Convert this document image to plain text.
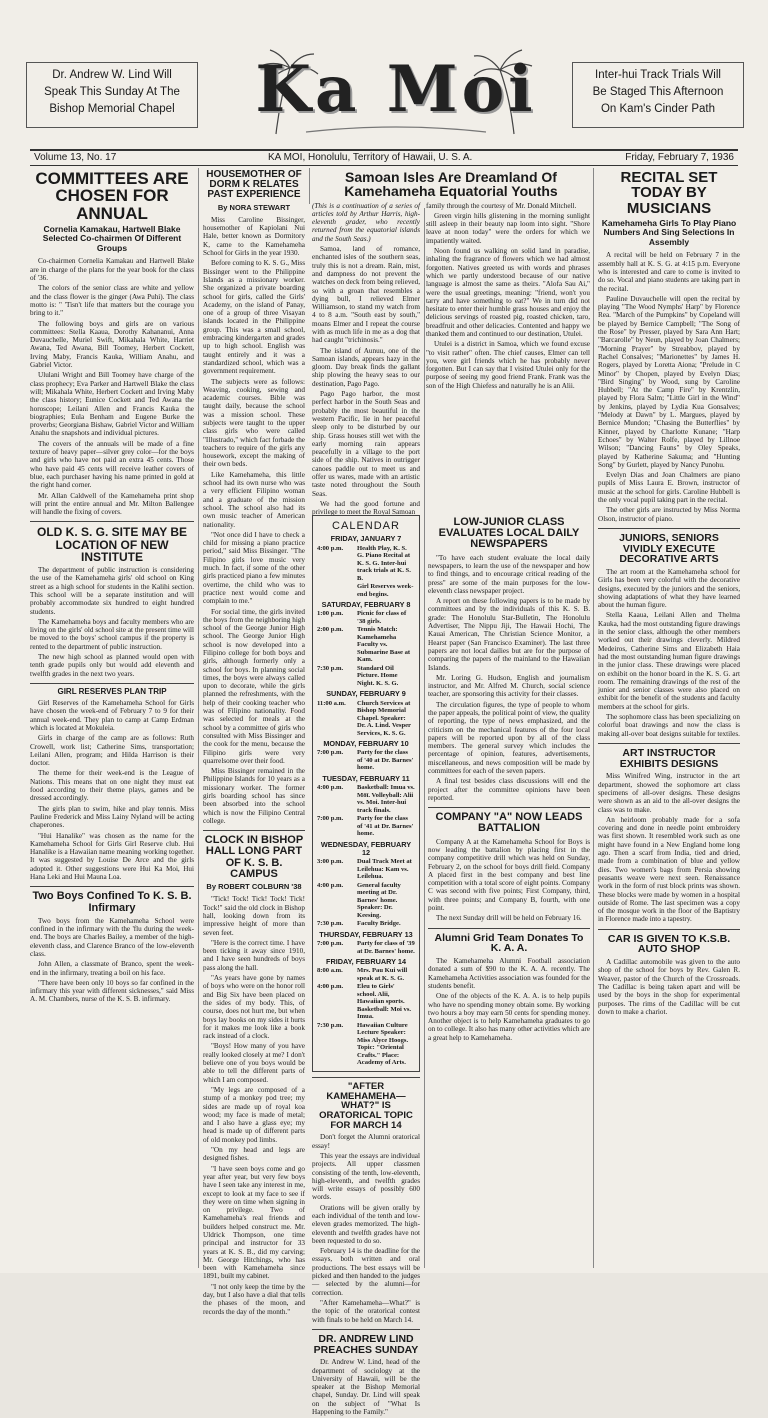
Dr. Andrew W. Lind Will
Speak This Sunday At The
Bishop Memorial Chapel	Ka Moi	Inter-hui Track Trials Will
Be Staged This Afternoon
On Kam's Cinder Path
Volume 13, No. 17	KA MOI, Honolulu, Territory of Hawaii, U. S. A.	Friday, February 7, 1936
COMMITTEES ARE CHOSEN FOR ANNUAL
Cornelia Kamakau, Hartwell Blake Selected Co-chairmen Of Different Groups

Co-chairmen Cornelia Kamakau and Hartwell Blake are in charge of the plans for the year book for the class of '36.

The colors of the senior class are white and yellow and the class flower is the ginger (Awa Puhi). The class motto is: " 'Tisn't life that matters but the courage you bring to it."

The following boys and girls are on various committees: Stella Kaaua, Dorothy Kahananui, Anna Duvauchelle, Muriel Swift, Mikahala White, Harriet Awana, Ted Awana, Bill Toomey, Herbert Cockett, Irving Maby, Francis Kauka, William Anahu, and Gabriel Victor.

Ululani Wright and Bill Toomey have charge of the class prophecy; Eva Parker and Hartwell Blake the class will; Mikahala White, Herbert Cockett and Irving Maby the class history; Eunice Cockett and Ted Awana the horoscope; Leilani Allen and Francis Kauka the biographies; Eula Benham and Eugene Burke the proverbs; Georgiana Bishaw, Gabriel Victor and William Anahu the snapshots and individual pictures.

The covers of the annuals will be made of a fine texture of heavy paper—silver grey color—for the boys and girls who have not paid an extra 45 cents. Those who have paid 45 cents will receive leather covers of blue, each purchaser having his name printed in gold at the right hand corner.

Mr. Allan Caldwell of the Kamehameha print shop will print the entire annual and Mr. Milton Ballengee will handle the fixing of covers.

OLD K. S. G. SITE MAY BE LOCATION OF NEW INSTITUTE

The department of public instruction is considering the use of the Kamehameha girls' old school on King street as a high school for students in the Kalihi section. This school will be a separate institution and will probably accommodate six hundred to eight hundred students.

The Kamehameha boys and faculty members who are living on the girls' old school site at the present time will be moved to the boys' school campus if the property is rented to the department of public instruction.

The new high school as planned would open with tenth grade pupils only but would add eleventh and twelfth grades in the next two years.

GIRL RESERVES PLAN TRIP

Girl Reserves of the Kamehameha School for Girls have chosen the week-end of February 7 to 9 for their annual week-end. They plan to camp at Camp Erdman which is located at Mokuleia.

Girls in charge of the camp are as follows: Ruth Crowell, work list; Catherine Sims, transportation; Leilani Allen, program; and Hilda Harrison is their doctor.

The theme for their week-end is the League of Nations. This means that on one night they must eat food according to their theme plays, games and be dressed accordingly.

The girls plan to swim, hike and play tennis. Miss Pauline Frederick and Miss Lainy Nyland will be acting chaperones.

"Hui Hanalike" was chosen as the name for the Kamehameha School for Girls Girl Reserve club. Hui Hanalike is a Hawaiian name meaning working together. It was suggested by Louise De Arce and the girls adopted it. Other suggestions were Hui Ka Moi, Hui Hana Leki and Hui Mauna Loa.

Two Boys Confined To K. S. B. Infirmary

Two boys from the Kamehameha School were confined in the infirmary with the 'flu during the week-end. The boys are Charles Bailey, a member of the high-eleventh class, and Clarence Branco of the low-eleventh class.

John Allen, a classmate of Branco, spent the week-end in the infirmary, treating a boil on his face.

"There have been only 10 boys so far confined in the infirmary this year with different sicknesses," said Miss A. M. Chambers, nurse of the K. S. B. infirmary.

HOUSEMOTHER OF DORM K RELATES PAST EXPERIENCE
By NORA STEWART

Miss Caroline Bissinger, housemother of Kapiolani Nui Hale, better known as Dormitory K, came to the Kamehameha School for Girls in the year 1930.

Before coming to K. S. G., Miss Bissinger went to the Philippine Islands as a missionary worker. She organized a private boarding school for girls, called the Girls' Academy, on the island of Panay, one of a group of three Visayan islands located in the Philippine group. This was a small school, embracing kindergarten and grades up to high school. English was taught entirely and it was a standardized school, which was a government requirement.

The subjects were as follows: Weaving, cooking, sewing and academic courses. Bible was taught daily, because the school was a mission school. These subjects were taught to the upper class girls who were called "Illustrado," which fact forbade the teachers to require of the girls any housework, except the making of their own beds.

Like Kamehameha, this little school had its own nurse who was a very efficient Filipino woman and a graduate of the mission school. The school also had its own music teacher of American nationality.

"Not once did I have to check a child for missing a piano practice period," said Miss Bissinger. "The Filipino girls love music very much. In fact, if some of the other girls practiced piano a few minutes overtime, the child who was to practice next would come and complain to me."

For social time, the girls invited the boys from the neighboring high school of the George Junior High school. The George Junior High school is now developed into a Filipino college for both boys and girls, although formerly only a school for boys. In planning social times, the boys were always called upon to decorate, while the girls planned the refreshments, with the help of their cooking teacher who was of Filipino nationality. Food was selected for meals at the school by a committee of girls who consulted with Miss Bissinger and the cook for the menu, because the Filipino girls were very quarrelsome over their food.

Miss Bissinger remained in the Philippine Islands for 10 years as a missionary worker. The former girls boarding school has since been absorbed into the school which is now the Filipino Central college.

CLOCK IN BISHOP HALL LONG PART OF K. S. B. CAMPUS
By ROBERT COLBURN '38

"Tick! Tock! Tick! Tock! Tick! Tock!" said the old clock in Bishop hall, looking down from its impressive height of more than seven feet.

"Here is the correct time. I have been ticking it away since 1910, and I have seen hundreds of boys pass along the hall.

"As years have gone by names of boys who were on the honor roll and Big Six have been placed on the sides of my body. This, of course, does not hurt me, but when boys lay books on my sides it hurts for it makes me look like a book rack instead of a clock.

"Boys! How many of you have really looked closely at me? I don't believe one of you boys would be able to tell the different parts of which I am composed.

"My legs are composed of a stump of a monkey pod tree; my sides are made up of royal koa wood; my face is made of metal; and I also have a glass eye; my head is made up of different parts of old monkey pod limbs.

"On my head and legs are designed fishes.

"I have seen boys come and go year after year, but very few boys have I seen take any interest in me, except to look at my face to see if they were on time when signing in on privilege. Two of Kamehameha's real friends and builders helped construct me. Mr. Uldrick Thompson, one time principal and instructor for 33 years at K. S. B., did my carving; Mr. George Hitchings, who has been with Kamehameha since 1891, built my cabinet.

"I not only keep the time by the day, but I also have a dial that tells the phases of the moon, and records the day of the month."

Samoan Isles Are Dreamland Of Kamehameha Equatorial Youths

(This is a continuation of a series of articles told by Arthur Harris, high-eleventh grader, who recently returned from the equatorial islands and the South Seas.)

Samoa, land of romance, enchanted isles of the southern seas, truly this is not a dream. Rain, mist, and dampness do not prevent the watches on deck from being relieved, so with a groan that resembles a dying bull, I relieved Elmer Williamson, to stand my watch from 4 to 8 a.m. "South east by south," moans Elmer and I repeat the course with as much life in me as a dog that had caught "trichinosis."

The island of Aunuu, one of the Samoan islands, appears hazy in the gloom. Day break finds the gallant ship plowing the heavy seas to our destination, Pago Pago.

Pago Pago harbor, the most perfect harbor in the South Seas and probably the most beautiful in the western Pacific, lie in her peaceful sleep only to be disturbed by our ship. Grass houses still wet with the early morning rain appears peacefully in a village to the port side of the ship. Natives in outrigger canoes paddle out to meet us and offer us wares, made with an artistic taste noted throughout the South Seas.

We had the good fortune and privilege to meet the Royal Samoan

family through the courtesy of Mr. Donald Mitchell.

Green virgin hills glistening in the morning sunlight still asleep in their beauty nap loom into sight. "Shore leave at noon today" were the orders for which we impatiently waited.

Noon found us walking on solid land in paradise, inhaling the fragrance of flowers which we had almost forgotten. Natives greeted us with words and phrases which we partly understood because of our native language is almost the same as theirs. "Alofa Sau Ai," were the usual greetings, meaning: "friend, won't you tarry and have something to eat?" We in turn did not hesitate to enter their humble grass houses and enjoy the delicious servings of roasted pig, roasted chicken, taro, breadfruit and other delicacies. Contented and happy we thanked them and continued to our destination, Utulei.

Utulei is a district in Samoa, which we found excuse "to visit rather" often. The chief causes, Elmer can tell you, were girl friends which he has probably never forgotten. But I can say that I visited Utulei only for the purpose of seeing my good friend Frank. Frank was the son of the High Chiefess and naturally he is an Alii.

CALENDAR
FRIDAY, JANUARY 7
4:00 p.m.	Health Play, K. S. G. Piano Recital at K. S. G. Inter-hui track trials at K. S. B.
Girl Reserves week-end begins.
SATURDAY, FEBRUARY 8
1:00 p.m.	Picnic for class of '38 girls.
2:00 p.m.	Tennis Match: Kamehameha Faculty vs. Submarine Base at Kam.
7:30 p.m.	Standard Oil Picture. Home Night. K. S. G.
SUNDAY, FEBRUARY 9
11:00 a.m.	Church Services at Bishop Memorial Chapel. Speaker: Dr. A. Lind. Vesper Services, K. S. G.
MONDAY, FEBRUARY 10
7:00 p.m.	Party for the class of '40 at Dr. Barnes' home.
TUESDAY, FEBRUARY 11
4:00 p.m.	Basketball: Imua vs. Mōī. Volleyball: Alii vs. Moi. Inter-hui track finals.
7:00 p.m.	Party for the class of '41 at Dr. Barnes' home.
WEDNESDAY, FEBRUARY 12
3:00 p.m.	Dual Track Meet at Leilehua: Kam vs. Leilehua.
4:00 p.m.	General faculty meeting at Dr. Barnes' home. Speaker: Dr. Keesing.
7:30 p.m.	Faculty Bridge.
THURSDAY, FEBRUARY 13
7:00 p.m.	Party for class of '39 at Dr. Barnes' home.
FRIDAY, FEBRUARY 14
8:00 a.m.	Mrs. Pau Kui will speak at K. S. G.
4:00 p.m.	Eleu to Girls' school. Alii, Hawaiian sports. Basketball: Moi vs. Imua.
7:30 p.m.	Hawaiian Culture Lecture Speaker: Miss Alyce Hoogs. Topic: "Oriental Crafts." Place: Academy of Arts.
"AFTER KAMEHAMEHA—WHAT?" IS ORATORICAL TOPIC FOR MARCH 14

Don't forget the Alumni oratorical essay!

This year the essays are individual projects. All upper classmen consisting of the tenth, low-eleventh, high-eleventh, and twelfth grades will write essays of possibly 600 words.

Orations will be given orally by each individual of the tenth and low-eleven grades memorized. The high-eleventh and twelfth grades have not been requested to do so.

February 14 is the deadline for the essays, both written and oral productions. The best essays will be picked and then handed to the judges — selected by the alumni—for correction.

"After Kamehameha—What?" is the topic of the oratorical contest with finals to be held on March 14.

DR. ANDREW LIND PREACHES SUNDAY

Dr. Andrew W. Lind, head of the department of sociology at the University of Hawaii, will be the speaker at the Bishop Memorial chapel, Sunday. Dr. Lind will speak on the subject of "What Is Happening to the Family."

LOW-JUNIOR CLASS EVALUATES LOCAL DAILY NEWSPAPERS

"To have each student evaluate the local daily newspapers, to learn the use of the newspaper and how to find things, and to encourage critical reading of the press" are some of the main purposes for the low-eleventh class newspaper project.

A report on these following papers is to be made by committees and by the individuals of this K. S. B. grade: The Honolulu Star-Bulletin, The Honolulu Advertiser, The Nippu Jiji, The Hawaii Hochi, The Kauai American, The Christian Science Monitor, a Hearst paper (San Francisco Examiner). The last three papers are not local dailies but are for the purpose of comparing the papers of the mainland to the Hawaiian Islands.

Mr. Loring G. Hudson, English and journalism instructor, and Mr. Alfred M. Church, social science teacher, are sponsoring this activity for their classes.

The circulation figures, the type of people to whom the paper appeals, the political point of view, the quality of reporting, the type of news emphasized, and the criticism on the mechanical features of the four local papers will be reported upon by all of the class members. The general survey which includes the percentage of opinion, features, advertisements, miscellaneous, and news composition will be made by committees for each of the seven papers.

A final test besides class discussions will end the project after the committee opinions have been reported.

COMPANY "A" NOW LEADS BATTALION

Company A at the Kamehameha School for Boys is now leading the battalion by placing first in the company competitive drill which was held on Sunday, February 2, on the school for boys drill field. Company A placed first in the best company and best line competition with a total score of eight points. Company C was second with five points; First Company, third, with three points; and Company B, fourth, with one point.

The next Sunday drill will be held on February 16.

Alumni Grid Team Donates To K. A. A.

The Kamehameha Alumni Football association donated a sum of $90 to the K. A. A. recently. The Kamehameha Activities association was founded for the students benefit.

One of the objects of the K. A. A. is to help pupils who have no spending money obtain some. By working two hours a boy may earn 50 cents for spending money. Another object is to help Kamehameha graduates to go on to college. It also has many other activities which are a great help to Kamehameha.

RECITAL SET TODAY BY MUSICIANS
Kamehameha Girls To Play Piano Numbers And Sing Selections In Assembly

A recital will be held on February 7 in the assembly hall at K. S. G. at 4:15 p.m. Everyone who is interested and care to come is invited to do so. Vocal and piano students are taking part in the recital.

Pauline Duvauchelle will open the recital by playing "The Wood Nymphs' Harp" by Florence Rea. "March of the Pumpkins" by Copeland will be played by Bernice Campbell; "The Song of the Rose" by Presser, played by Sara Ann Hart; "Barcarolle" by Neun, played by Joan Chalmers; "Morning Prayer" by Streabbov, played by Rachel Consalves; "Marionettes" by James H. Rogers, played by Loretta Aiona; "Prelude in C Minor" by Chopen, played by Evelyn Dias; "Bird Singing" by Wood, sung by Caroline Hubbell; "At the Camp Fire" by Krentzlin, played by Flora Salm; "Little Girl in the Wind" by Jenkins, played by Lydia Kua Gonsalves; "Melody at Dawn" by L. Margues, played by Bernice Mundon; "Chasing the Butterflies" by Kinner, played by Charlotte Kunane; "Harp Echoes" by Walter Rolfe, played by Lillnoe Wilson; "Dancing Fauns" by Oley Speaks, played by Katherine Sakuma; and "Hunting Song" by Gurlett, played by Nancy Punohu.

Evelyn Dias and Joan Chalmers are piano pupils of Miss Laura E. Brown, instructor of music at the school for girls. Caroline Hubbell is the only vocal pupil taking part in the recital.

The other girls are instructed by Miss Norma Olson, instructor of piano.

JUNIORS, SENIORS VIVIDLY EXECUTE DECORATIVE ARTS

The art room at the Kamehameha school for Girls has been very colorful with the decorative designs, executed by the juniors and the seniors, showing adaptations of what they have learned about the human figure.

Stella Kaaua, Leilani Allen and Thelma Kauka, had the most outstanding figure drawings in the senior class, although the other members worked out their drawings cleverly. Mildred Medeiros, Catherine Sims and Elizabeth Haia had the most outstanding human figure drawings in the junior class. These drawings were placed on exhibit on the honor board in the K. S. G. art room. The remaining drawings of the rest of the junior and senior classes were also placed on exhibit for the benefit of the students and faculty members at the school for girls.

The sophomore class has been specializing on colorful boat drawings and now the class is making all-over boat designs suitable for textiles.

ART INSTRUCTOR EXHIBITS DESIGNS

Miss Winifred Wing, instructor in the art department, showed the sophomore art class specimens of all-over designs. These designs were shown as an aid to the all-over designs the class was to make.

An heirloom probably made for a sofa covering and done in needle point embroidery was first shown. It resembled work such as one might have found in a New England home long ago. Then a scarf from India, tied and dried, made from a combination of blue and yellow dies. Two women's bags from Persia showing peasants weave were next seen. Renaissance work in the form of rust block prints was shown. These blocks were made by women in a hospital outside of Rome. The last specimen was a copy of the mosque work in the floor of the Baptistry in Florence made into a tapestry.

CAR IS GIVEN TO K.S.B. AUTO SHOP

A Cadillac automobile was given to the auto shop of the school for boys by Rev. Galen R. Weaver, pastor of the Church of the Crossroads. The Cadillac is being taken apart and will be used by the boys in the shop for experimental purposes. The rims of the Cadillac will be cut down to make a chariot.
